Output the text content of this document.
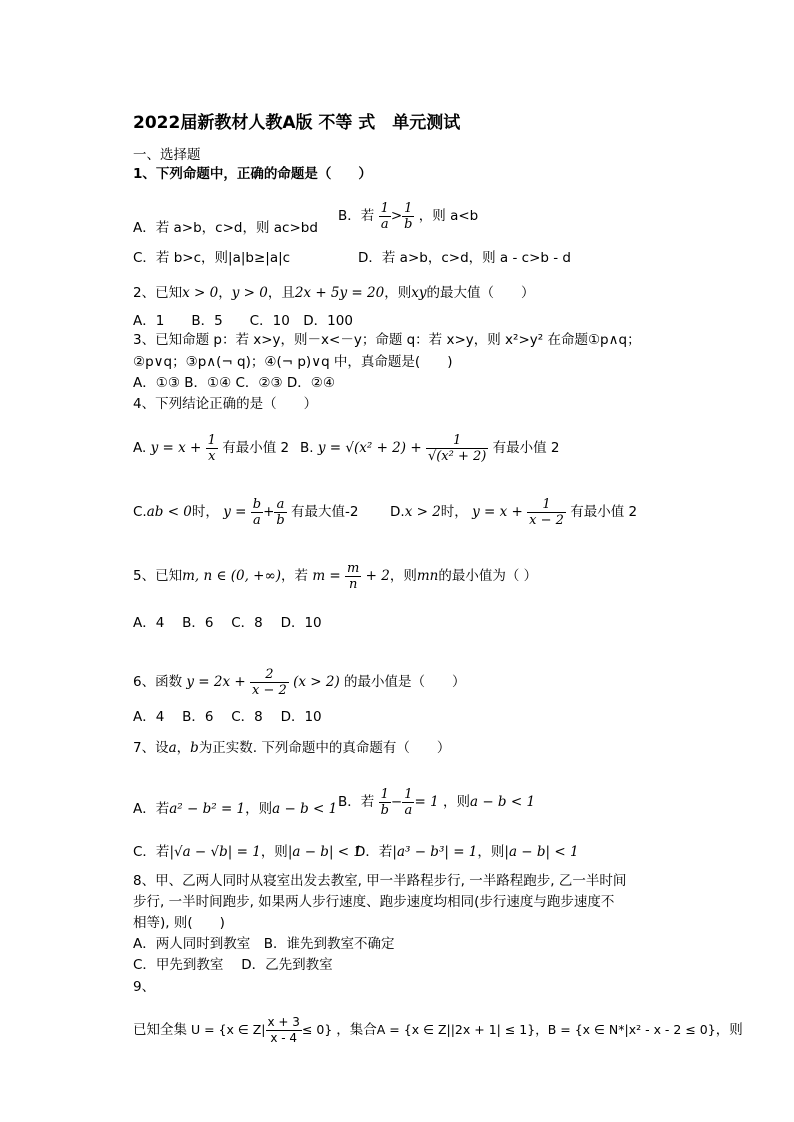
2022届新教材人教A版 不等 式　单元测试
一、选择题
1、下列命题中，正确的命题是（　　）
A．若 a>b，c>d，则 ac>bd
B．若 $\frac{1}{a} > \frac{1}{b}$ ，则 a<b
C．若 b>c，则|a|b≥|a|c	D．若 a>b，c>d，则 a - c>b - d
2、已知x > 0，y > 0，且2x + 5y = 20，则xy的最大值（　　）
A．1　　B．5　　C．10　D．100
3、已知命题 p：若 x>y，则－x<－y；命题 q：若 x>y，则 x²>y² 在命题①p∧q；
②p∨q；③p∧(¬ q)；④(¬ p)∨q 中，真命题是(　　)
A．①③ B．①④ C．②③ D．②④
4、下列结论正确的是（　　）
A. $y = x + \frac{1}{x}$ 有最小值 2 B. $y = √(x^2 + 2) + \frac{1}{\text{√(x² + 2)}}$ 有最小值 2
C.ab < 0时， $y = \frac{b}{a} + \frac{a}{b}$ 有最大值-2 D.x > 2时， $y = x + \frac{1}{x - 2}$ 有最小值 2
5、已知m, n ∈ (0, +∞)，若 $m = \frac{m}{n} + 2$，则mn的最小值为（ ）
A．4　 B．6　 C．8　 D．10
6、函数 $y = 2x + \frac{2}{x - 2} (x > 2)$ 的最小值是（　　）
A．4　 B．6　 C．8　 D．10
7、设a，b为正实数. 下列命题中的真命题有（　　）
A．若a² − b² = 1，则a − b < 1 B．若 $\frac{1}{b} - \frac{1}{a} = 1$ ，则a − b < 1
C．若|√a − √b| = 1，则|a − b| < 1
D．若|a³ − b³| = 1，则|a − b| < 1
8、甲、乙两人同时从寝室出发去教室, 甲一半路程步行, 一半路程跑步, 乙一半时间
步行, 一半时间跑步, 如果两人步行速度、跑步速度均相同(步行速度与跑步速度不
相等), 则(　　)
A．两人同时到教室　B．谁先到教室不确定
C．甲先到教室　 D．乙先到教室
9、
已知全集 U = {x ∈ $Z| \frac{x + 3}{x - 4} \le 0$} ，集合A = {x ∈ Z||2x + 1| ≤ 1}，B = {x ∈ N*|x² - x - 2 ≤ 0}，则
